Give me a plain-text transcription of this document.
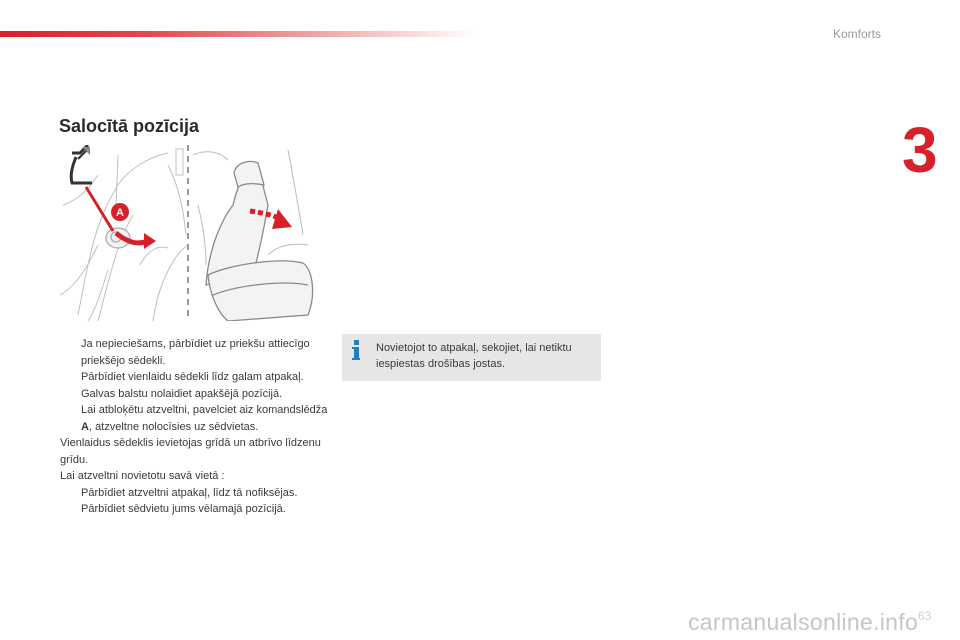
Komforts
3
Salocītā pozīcija
A
Ja nepieciešams, pārbīdiet uz priekšu attiecīgo priekšējo sēdekli.
Pārbīdiet vienlaidu sēdekli līdz galam atpakaļ.
Galvas balstu nolaidiet apakšējā pozīcijā.
Lai atbloķētu atzveltni, pavelciet aiz komandslēdža A, atzveltne nolocīsies uz sēdvietas.
Vienlaidus sēdeklis ievietojas grīdā un atbrīvo līdzenu grīdu.
Lai atzveltni novietotu savā vietā :
Pārbīdiet atzveltni atpakaļ, līdz tā nofiksējas.
Pārbīdiet sēdvietu jums vēlamajā pozīcijā.
Novietojot to atpakaļ, sekojiet, lai netiktu iespiestas drošības jostas.
carmanualsonline.info 63
